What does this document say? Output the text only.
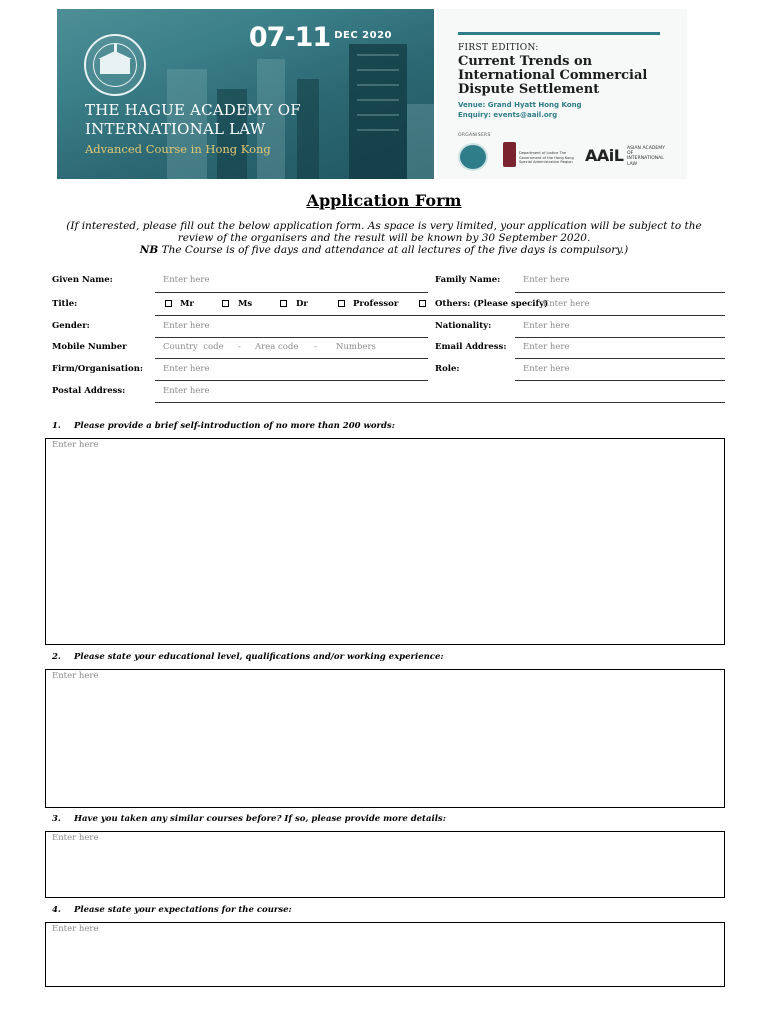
07-11 $^{DEC 2020}$
THE HAGUE ACADEMY OF
INTERNATIONAL LAW
Advanced Course in Hong Kong
FIRST EDITION:
Current Trends on
International Commercial
Dispute Settlement
Venue: Grand Hyatt Hong Kong
Enquiry: events@aail.org
ORGANISERS
Department of Justice The Government of the Hong Kong Special Administrative Region AAiL ASIAN ACADEMY OF INTERNATIONAL LAW
Application Form
(If interested, please fill out the below application form. As space is very limited, your application will be subject to the
review of the organisers and the result will be known by 30 September 2020.
NB The Course is of five days and attendance at all lectures of the five days is compulsory.)
Given Name:	Enter here	Family Name:	Enter here
Title:	Mr	Ms	Dr	Professor	Others: (Please specify)
Enter here
Gender:	Enter here	Nationality:	Enter here
Mobile Number	Country  code - Area code - Numbers	Email Address: Enter here
Firm/Organisation: Enter here	Role:	Enter here
Postal Address:	Enter here
1. Please provide a brief self-introduction of no more than 200 words:
Enter here
2. Please state your educational level, qualifications and/or working experience:
Enter here
3. Have you taken any similar courses before? If so, please provide more details:
Enter here
4. Please state your expectations for the course:
Enter here
